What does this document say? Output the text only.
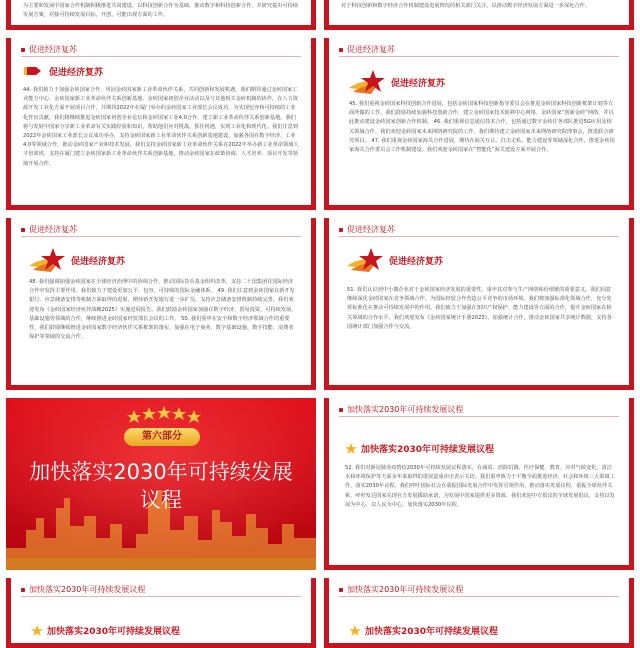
为主要和发展中国家合作机制积极推进共同建设，以科技创新合作为基础，推动数字和科技创新合作，并研究提出可持续发展方案，对接可持续发展目标，开创，可能出现方面的工作。
对于科技创新和数字经济合作机制建设进展情况的相关部门关注，以推动数字经济发展方面进一步深化合作。
促进经济复苏
促进经济复苏
44. 我们致力于加强金砖国家合作，巩固金砖国家新工业革命伙伴关系，共同创新和发展机遇。我们期待通过金砖国家工业能力中心、金砖国家新工业革命伙伴关系创新基地、金砖国家初创企业活动以及与其他相关金砖机制的协作，在人力资源开发工业化方面开展项目合作，并期待2022年在厦门举办的金砖国家工业部长会议成功，为实现包容和可持续的工业化作出贡献。我们将继续推进金砖国家初创企业论坛和金砖国家工业4.0合作，建立新工业革命伙伴关系创新基地。我们将与发展中国家分享新工业革命有关实践经验和知识，帮助他们应对挑战，抓住机遇，实现工业化和现代化。我们注意到2022年金砖国家工业部长会议成功举办，支持金砖国家新工业革命伙伴关系创新基地建设，加强各国在数字经济、工业4.0等领域合作，推动金砖国家产业和技术发展。我们支持金砖国家新工业革命伙伴关系在2022年举办新工业革命领域人才培训班，支持在厦门建立金砖国家新工业革命伙伴关系创新基地，推动金砖国家在政策协调、人才培养、项目开发等领域开展合作。
促进经济复苏
促进经济复苏
45. 我们重视金砖国家科技创新合作进展，包括金砖国家科技创新指导委员会在推进金砖国家科技创新框架计划等方面所做的工作。我们鼓励持续加强科技创新合作，建立金砖国家技术转移中心网络、金砖国家“创新金砖”网络，并以此推动建设金砖国家创新合作机制。 46. 我们重视信息通信技术合作，包括通过数字金砖任务部队推进5G应用及相关领域合作。我们欢迎金砖国家未来网络研究院的工作。我们期待建立金砖国家未来网络研究院理事会，推进联合研究项目。 47. 我们重视金砖国家海关合作进展，期待在海关互认、打击走私、能力建设等领域深化合作，推进金砖国家海关合作委员会工作机制建设。我们欢迎金砖国家在“智能化”海关建设方面开展合作。
促进经济复苏
促进经济复苏
48. 我们强调加强金砖国家在全球经济治理中的协调合作，推动国际货币基金组织改革，支持二十国集团在国际经济合作中发挥主要作用。我们致力于建设更加公平、包容、可持续的国际金融体系。 49. 我们注意到金砖国家在新开发银行、应急储备安排等机制方面取得的进展，期待新开发银行进一步扩员，支持应急储备安排机制持续完善。我们欢迎发布《金砖国家经济伙伴战略2025》实施进展报告。我们鼓励金砖国家加强在数字经济、贸易投资、可持续发展、基础设施等领域的合作，继续推进金砖国家经贸部长会议的工作。 50. 我们重申在安全和数字经济领域合作的重要性，我们鼓励继续推进金砖国家数字经济伙伴关系框架的落实，加强在电子商务、数字基础设施、数字技能、消费者保护等领域的交流合作。
促进经济复苏
促进经济复苏
51. 我们认识到中小微企业对于金砖国家经济发展的重要性，重申其对参与生产网络和价值链的重要意义。我们同意继续深化金砖国家在竞争领域合作，为国际经贸合作营造公平竞争的市场环境。我们将加强标准化领域合作，充分发挥标准化在推动可持续发展中的作用。我们致力于加强在知识产权保护、能力建设等方面的合作，提升金砖国家在相关领域的合作水平。我们欢迎发布《金砖国家统计手册2023》，加强统计合作，推动金砖国家共享统计数据，支持各国统计部门加强合作与交流。
第六部分
加快落实2030年可持续发展议程
加快落实2030年可持续发展议程
加快落实2030年可持续发展议程
52. 我们对新冠肺炎疫情给2030年可持续发展议程落实，在减贫、消除饥饿、医疗保健、教育、应对气候变化、清洁水和环境保护等方面多年来取得的进展造成冲击表示关切。我们重申致力于平衡全面推进经济、社会和环境三大领域工作，落实2030年议程。我们呼吁国际社会在重振国际发展合作中发挥引领作用，推动落实发展议程，重振全球伙伴关系，呼吁发达国家兑现官方发展援助承诺，为发展中国家提供更多资源。我们欢迎中方倡议的全球发展倡议，支持以发展为中心，以人民为中心，加快落实2030年议程。
加快落实2030年可持续发展议程
加快落实2030年可持续发展议程
加快落实2030年可持续发展议程
加快落实2030年可持续发展议程
